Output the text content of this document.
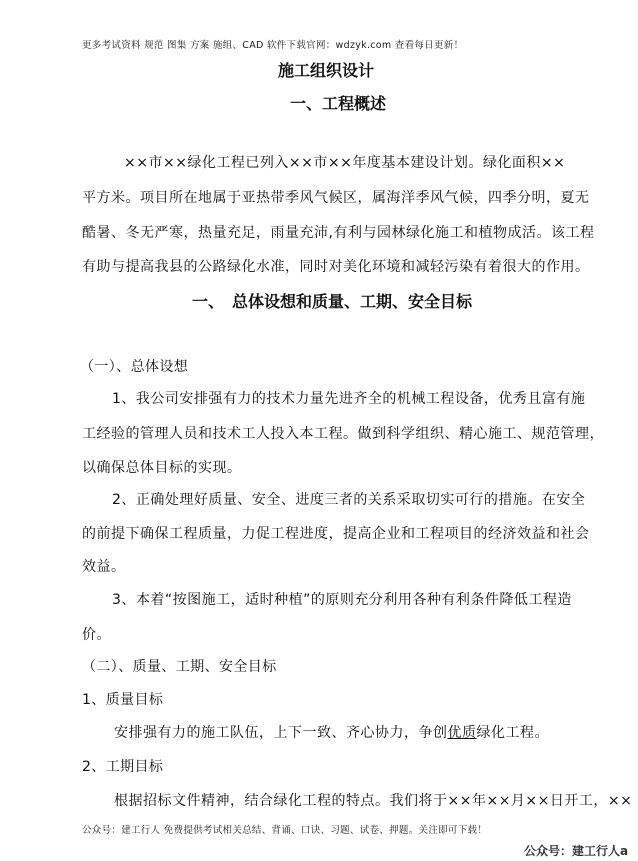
更多考试资料 规范 图集 方案 施组、CAD 软件下载官网：wdzyk.com 查看每日更新！
施工组织设计
一、工程概述
××市××绿化工程已列入××市××年度基本建设计划。绿化面积××
平方米。项目所在地属于亚热带季风气候区，属海洋季风气候，四季分明，夏无
酷暑、冬无严寒，热量充足，雨量充沛,有利与园林绿化施工和植物成活。该工程
有助与提高我县的公路绿化水准，同时对美化环境和减轻污染有着很大的作用。
一、　总体设想和质量、工期、安全目标
（一）、总体设想
1、我公司安排强有力的技术力量先进齐全的机械工程设备，优秀且富有施
工经验的管理人员和技术工人投入本工程。做到科学组织、精心施工、规范管理，
以确保总体目标的实现。
2、正确处理好质量、安全、进度三者的关系采取切实可行的措施。在安全
的前提下确保工程质量，力促工程进度，提高企业和工程项目的经济效益和社会
效益。
3、本着“按图施工，适时种植”的原则充分利用各种有利条件降低工程造
价。
（二）、质量、工期、安全目标
1、质量目标
安排强有力的施工队伍，上下一致、齐心协力，争创优质绿化工程。
2、工期目标
根据招标文件精神，结合绿化工程的特点。我们将于××年××月××日开工，××
公众号：建工行人 免费提供考试相关总结、背诵、口诀、习题、试卷、押题。关注即可下载！
公众号：建工行人a
